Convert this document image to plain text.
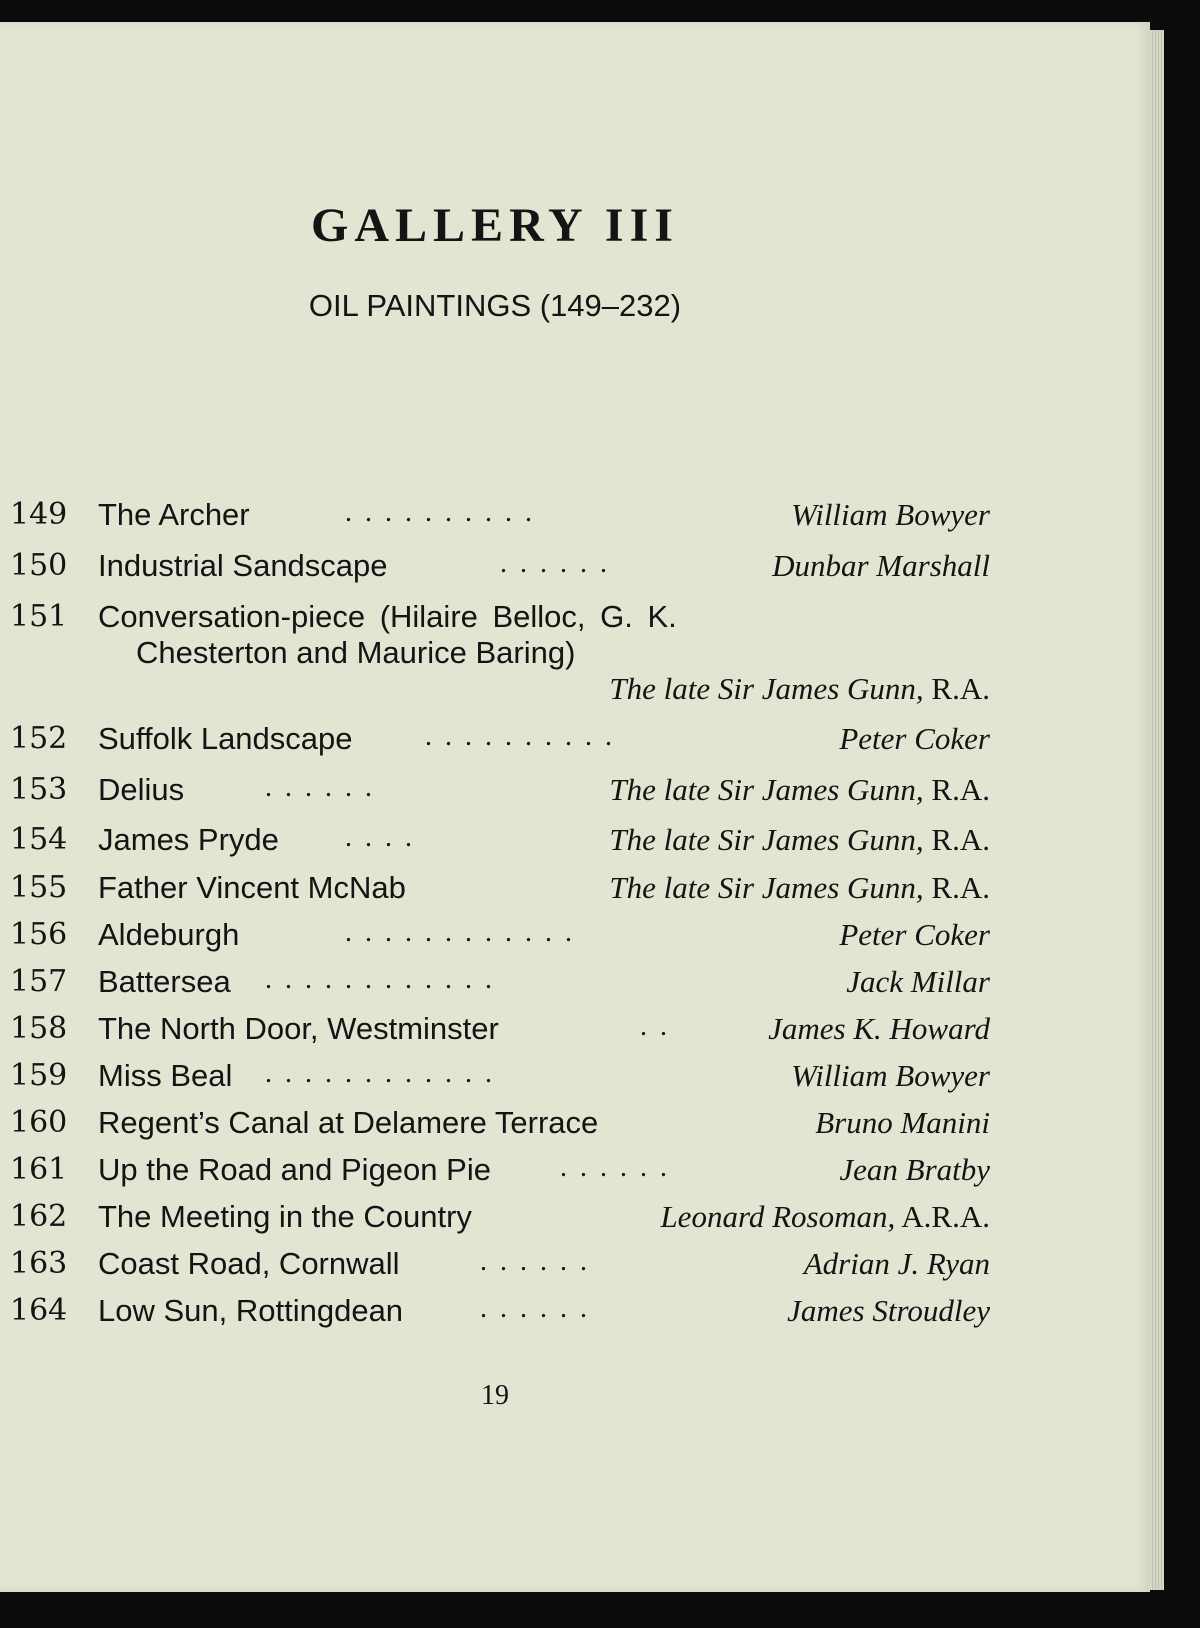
GALLERY III
OIL PAINTINGS (149–232)
149 The Archer	. . . . . . . . . .	William Bowyer
150 Industrial Sandscape	. . . . . .	Dunbar Marshall
151 Conversation-piece (Hilaire Belloc, G. K.
Chesterton and Maurice Baring)
The late Sir James Gunn, R.A.
152 Suffolk Landscape	. . . . . . . . . .	Peter Coker
153 Delius	. . . . . .	The late Sir James Gunn, R.A.
154 James Pryde . . . .	The late Sir James Gunn, R.A.
155 Father Vincent McNab	The late Sir James Gunn, R.A.
156 Aldeburgh	. . . . . . . . . . . .	Peter Coker
157 Battersea . . . . . . . . . . . .	Jack Millar
158 The North Door, Westminster	. .	James K. Howard
159 Miss Beal . . . . . . . . . . . .	William Bowyer
160 Regent’s Canal at Delamere Terrace	Bruno Manini
161 Up the Road and Pigeon Pie . . . . . .	Jean Bratby
162 The Meeting in the Country	Leonard Rosoman, A.R.A.
163 Coast Road, Cornwall	. . . . . .	Adrian J. Ryan
164 Low Sun, Rottingdean	. . . . . .	James Stroudley
19
